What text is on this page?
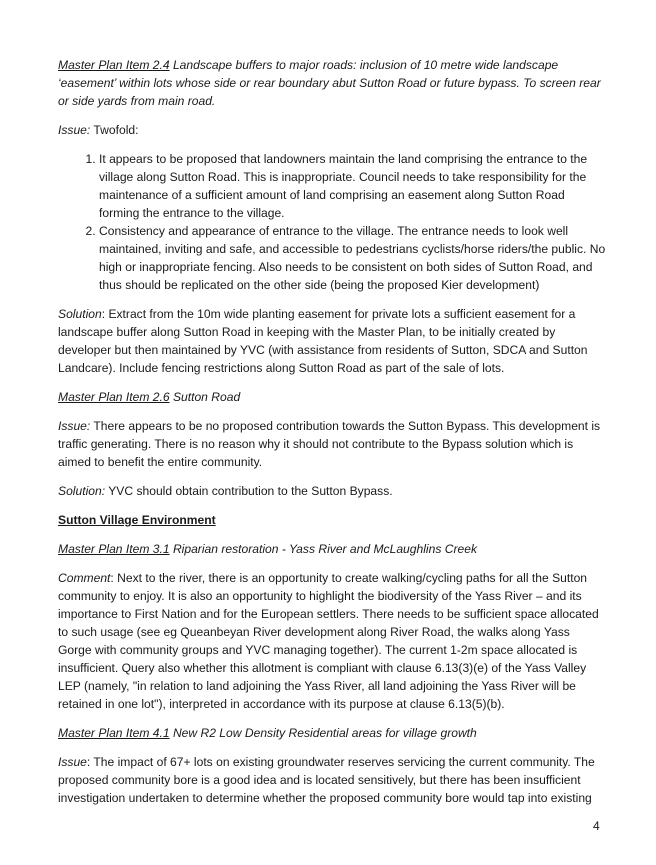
Master Plan Item 2.4 Landscape buffers to major roads: inclusion of 10 metre wide landscape ‘easement’ within lots whose side or rear boundary abut Sutton Road or future bypass. To screen rear or side yards from main road.

Issue: Twofold:

1. It appears to be proposed that landowners maintain the land comprising the entrance to the village along Sutton Road. This is inappropriate. Council needs to take responsibility for the maintenance of a sufficient amount of land comprising an easement along Sutton Road forming the entrance to the village.
2. Consistency and appearance of entrance to the village. The entrance needs to look well maintained, inviting and safe, and accessible to pedestrians cyclists/horse riders/the public. No high or inappropriate fencing. Also needs to be consistent on both sides of Sutton Road, and thus should be replicated on the other side (being the proposed Kier development)

Solution: Extract from the 10m wide planting easement for private lots a sufficient easement for a landscape buffer along Sutton Road in keeping with the Master Plan, to be initially created by developer but then maintained by YVC (with assistance from residents of Sutton, SDCA and Sutton Landcare). Include fencing restrictions along Sutton Road as part of the sale of lots.

Master Plan Item 2.6 Sutton Road

Issue: There appears to be no proposed contribution towards the Sutton Bypass. This development is traffic generating. There is no reason why it should not contribute to the Bypass solution which is aimed to benefit the entire community.

Solution: YVC should obtain contribution to the Sutton Bypass.

Sutton Village Environment

Master Plan Item 3.1 Riparian restoration - Yass River and McLaughlins Creek

Comment: Next to the river, there is an opportunity to create walking/cycling paths for all the Sutton community to enjoy. It is also an opportunity to highlight the biodiversity of the Yass River – and its importance to First Nation and for the European settlers. There needs to be sufficient space allocated to such usage (see eg Queanbeyan River development along River Road, the walks along Yass Gorge with community groups and YVC managing together). The current 1-2m space allocated is insufficient. Query also whether this allotment is compliant with clause 6.13(3)(e) of the Yass Valley LEP (namely, "in relation to land adjoining the Yass River, all land adjoining the Yass River will be retained in one lot"), interpreted in accordance with its purpose at clause 6.13(5)(b).

Master Plan Item 4.1 New R2 Low Density Residential areas for village growth

Issue: The impact of 67+ lots on existing groundwater reserves servicing the current community. The proposed community bore is a good idea and is located sensitively, but there has been insufficient investigation undertaken to determine whether the proposed community bore would tap into existing

4
